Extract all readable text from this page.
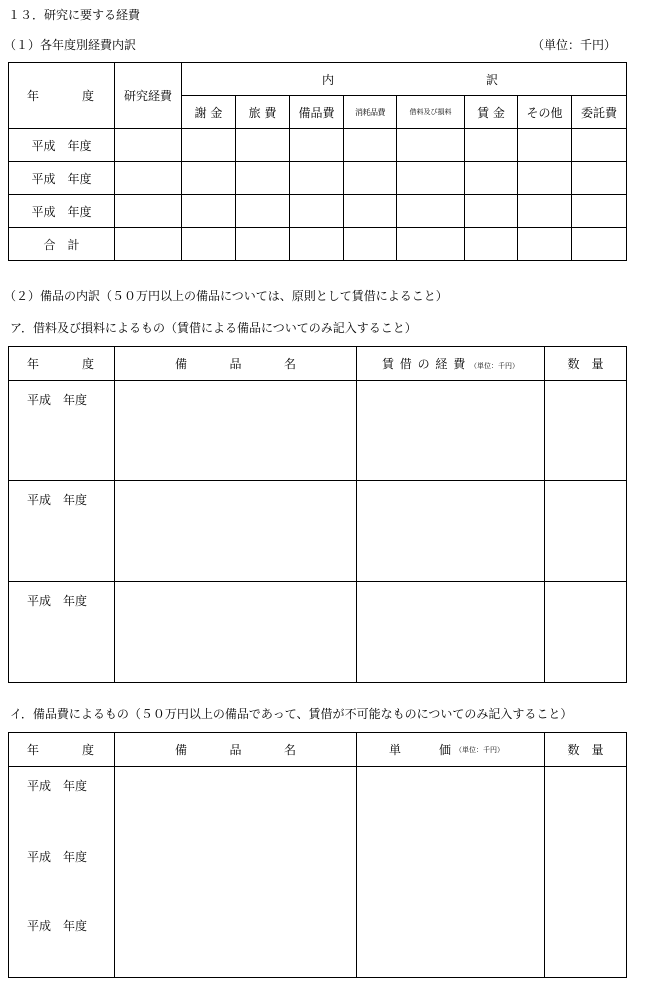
１３．研究に要する経費
（１）各年度別経費内訳	（単位：千円）
年 度	研究経費	内 訳							

		謝 金	旅 費	備品費	消耗品費	借料及び損料	賃 金	その他	委託費
平成　年度									
平成　年度									
平成　年度									
合　計									
（２）備品の内訳（５０万円以上の備品については、原則として賃借によること）
ア．借料及び損料によるもの（賃借による備品についてのみ記入すること）
年 度	備 品 名	賃 借 の 経 費 （単位：千円）	数　量
平成　年度			
平成　年度			
平成　年度			
イ．備品費によるもの（５０万円以上の備品であって、賃借が不可能なものについてのみ記入すること）
年 度	備 品 名	単 価 （単位：千円）	数　量

平成　年度
平成　年度
平成　年度			
